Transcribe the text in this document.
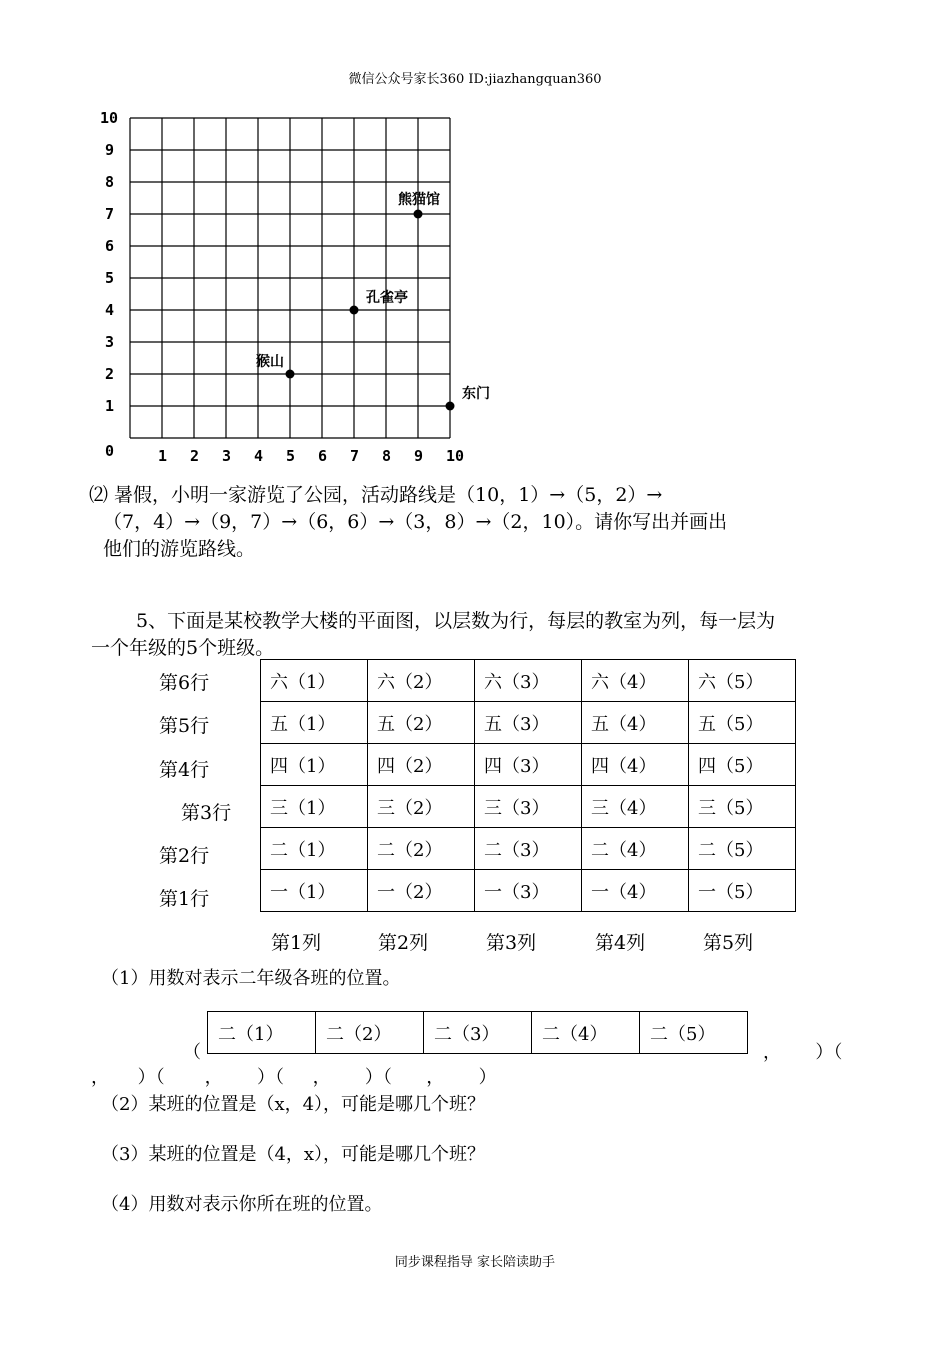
微信公众号家长360 ID:jiazhangquan360
1 2 3 4 5 6 7 8 9 10
1
2
3
4
5
6
7
8
9
10
0
熊猫馆
孔雀亭
猴山
东门
⑵ 暑假，小明一家游览了公园，活动路线是（10，1）→（5，2）→
（7，4）→（9，7）→（6，6）→（3，8）→（2，10）。请你写出并画出
他们的游览路线。
5、下面是某校教学大楼的平面图，以层数为行，每层的教室为列，每一层为
一个年级的5个班级。
第6行
第5行
第4行
第3行
第2行
第1行
六（1）	六（2）	六（3）	六（4）	六（5）
五（1）	五（2）	五（3）	五（4）	五（5）
四（1）	四（2）	四（3）	四（4）	四（5）
三（1）	三（2）	三（3）	三（4）	三（5）
二（1）	二（2）	二（3）	二（4）	二（5）
一（1）	一（2）	一（3）	一（4）	一（5）
第1列	第2列	第3列	第4列	第5列
（1）用数对表示二年级各班的位置。
（
二（1）	二（2）	二（3）	二（4）	二（5）
，      ）（
，     ）（       ，      ）（     ，      ）（      ，      ）
（2）某班的位置是（x，4），可能是哪几个班？
（3）某班的位置是（4，x），可能是哪几个班？
（4）用数对表示你所在班的位置。
同步课程指导 家长陪读助手
